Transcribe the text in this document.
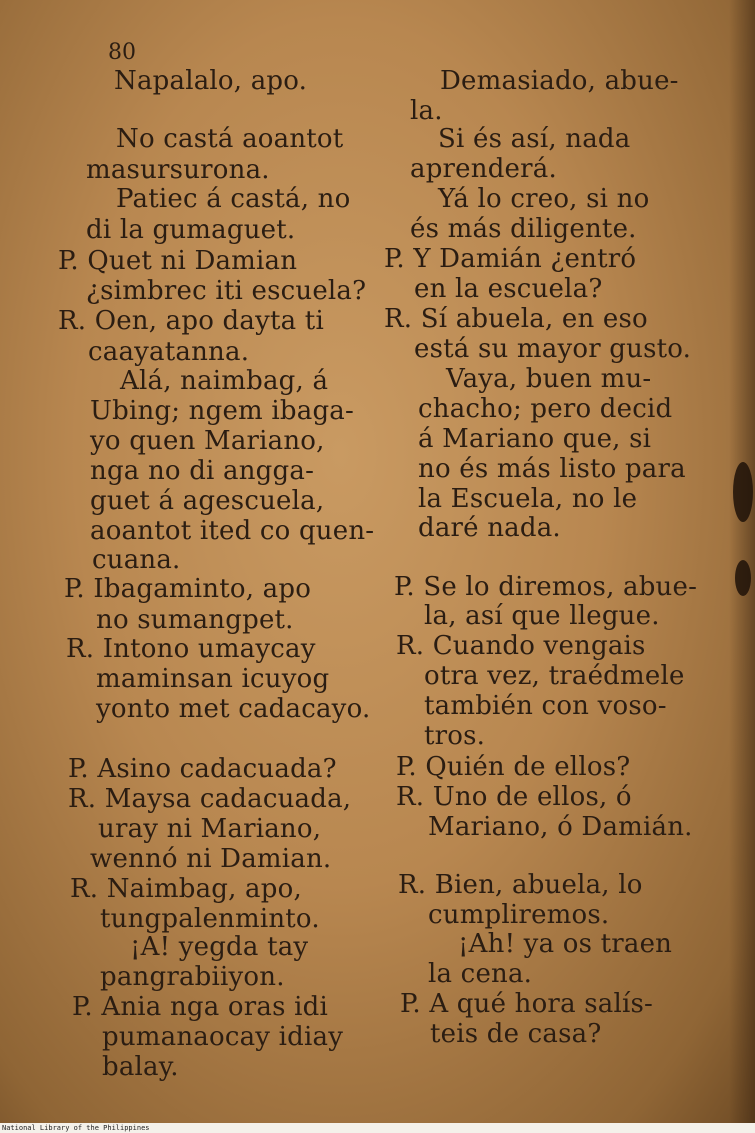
80
Napalalo, apo.
No castá aoantot
masursurona.
Patiec á castá, no
di la gumaguet.
P. Quet ni Damian
¿simbrec iti escuela?
R. Oen, apo dayta ti
caayatanna.
Alá, naimbag, á
Ubing; ngem ibaga-
yo quen Mariano,
nga no di angga-
guet á agescuela,
aoantot ited co quen-
cuana.
P. Ibagaminto, apo
no sumangpet.
R. Intono umaycay
maminsan icuyog
yonto met cadacayo.
P. Asino cadacuada?
R. Maysa cadacuada,
uray ni Mariano,
wennó ni Damian.
R. Naimbag, apo,
tungpalenminto.
¡A! yegda tay
pangrabiiyon.
P. Ania nga oras idi
pumanaocay idiay
balay.
Demasiado, abue-
la.
Si és así, nada
aprenderá.
Yá lo creo, si no
és más diligente.
P. Y Damián ¿entró
en la escuela?
R. Sí abuela, en eso
está su mayor gusto.
Vaya, buen mu-
chacho; pero decid
á Mariano que, si
no és más listo para
la Escuela, no le
daré nada.
P. Se lo diremos, abue-
la, así que llegue.
R. Cuando vengais
otra vez, traédmele
también con voso-
tros.
P. Quién de ellos?
R. Uno de ellos, ó
Mariano, ó Damián.
R. Bien, abuela, lo
cumpliremos.
¡Ah! ya os traen
la cena.
P. A qué hora salís-
teis de casa?
National Library of the Philippines
